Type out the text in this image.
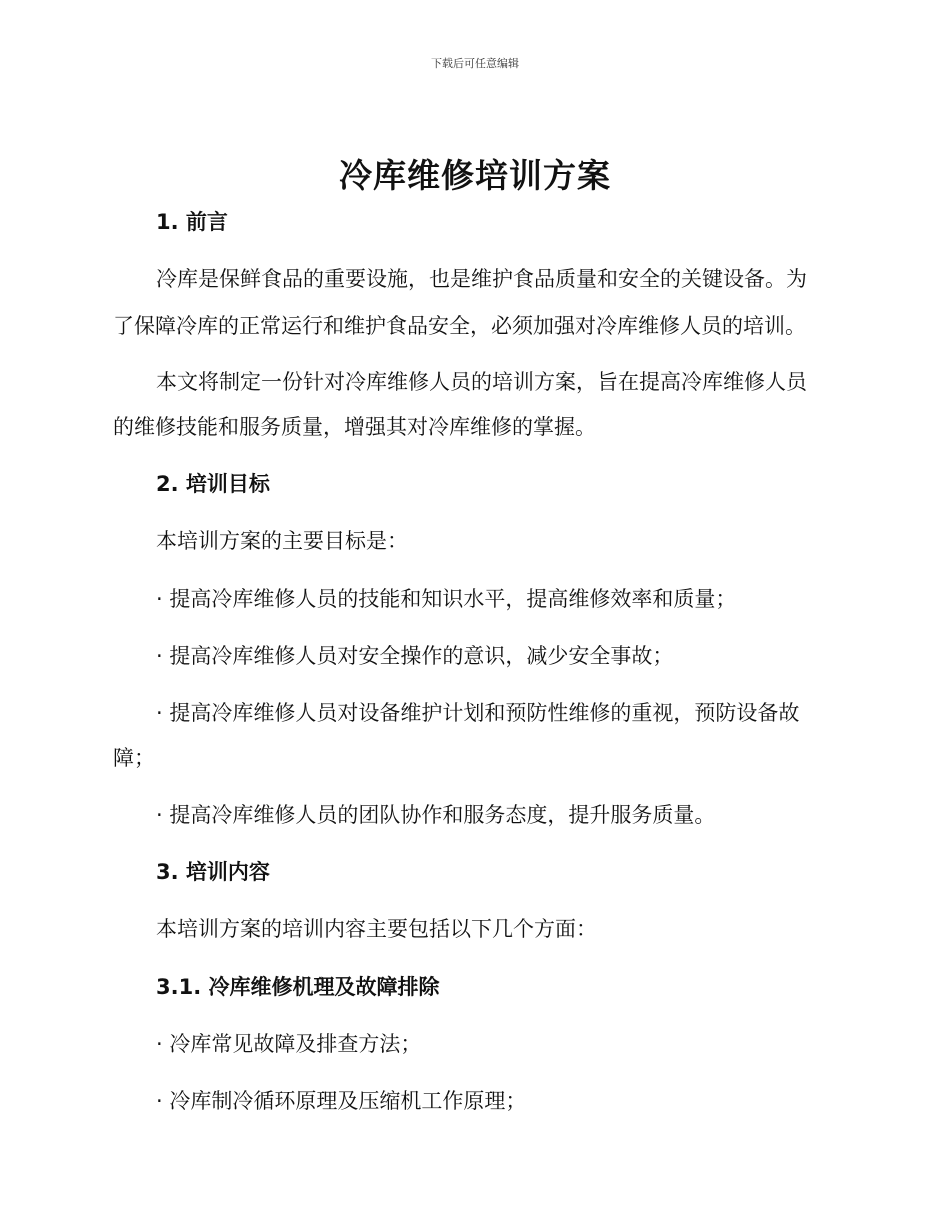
下载后可任意编辑
冷库维修培训方案
1. 前言
冷库是保鲜食品的重要设施，也是维护食品质量和安全的关键设备。为
了保障冷库的正常运行和维护食品安全，必须加强对冷库维修人员的培训。
本文将制定一份针对冷库维修人员的培训方案，旨在提高冷库维修人员
的维修技能和服务质量，增强其对冷库维修的掌握。
2. 培训目标
本培训方案的主要目标是：
· 提高冷库维修人员的技能和知识水平，提高维修效率和质量；
· 提高冷库维修人员对安全操作的意识，减少安全事故；
· 提高冷库维修人员对设备维护计划和预防性维修的重视，预防设备故
障；
· 提高冷库维修人员的团队协作和服务态度，提升服务质量。
3. 培训内容
本培训方案的培训内容主要包括以下几个方面：
3.1. 冷库维修机理及故障排除
· 冷库常见故障及排查方法；
· 冷库制冷循环原理及压缩机工作原理；
